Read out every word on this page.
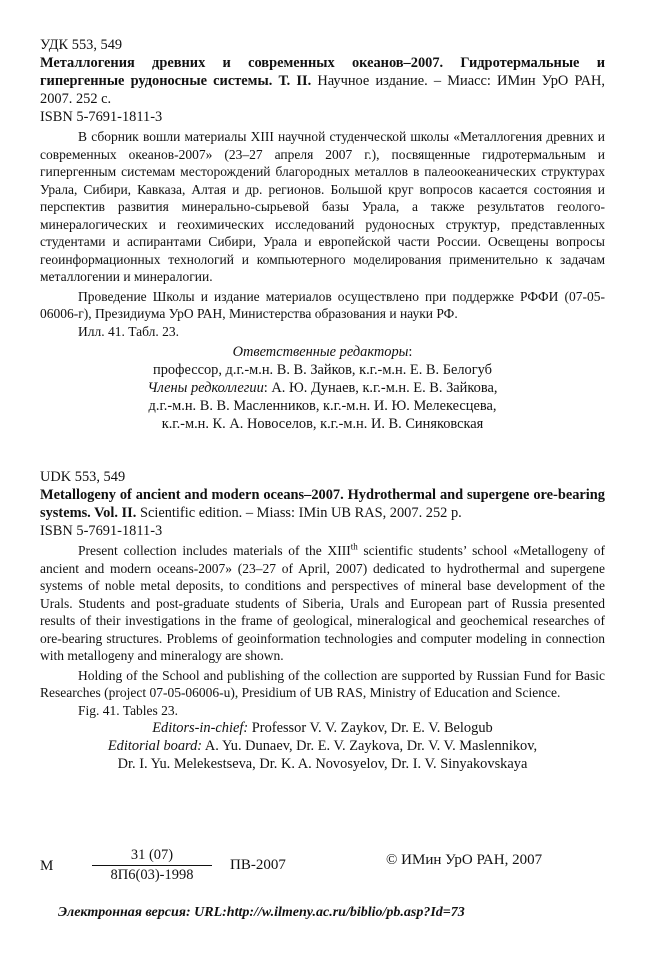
УДК 553, 549

Металлогения древних и современных океанов–2007. Гидротермальные и гипергенные рудоносные системы. Т. II. Научное издание. – Миасс: ИМин УрО РАН, 2007. 252 с.

ISBN 5-7691-1811-3

В сборник вошли материалы XIII научной студенческой школы «Металлогения древних и современных океанов-2007» (23–27 апреля 2007 г.), посвященные гидротермальным и гипергенным системам месторождений благородных металлов в палеоокеанических структурах Урала, Сибири, Кавказа, Алтая и др. регионов. Большой круг вопросов касается состояния и перспектив развития минерально-сырьевой базы Урала, а также результатов геолого-минералогических и геохимических исследований рудоносных структур, представленных студентами и аспирантами Сибири, Урала и европейской части России. Освещены вопросы геоинформационных технологий и компьютерного моделирования применительно к задачам металлогении и минералогии.

Проведение Школы и издание материалов осуществлено при поддержке РФФИ (07-05-06006-г), Президиума УрО РАН, Министерства образования и науки РФ.

Илл. 41. Табл. 23.

Ответственные редакторы:

профессор, д.г.-м.н. В. В. Зайков, к.г.-м.н. Е. В. Белогуб

Члены редколлегии: А. Ю. Дунаев, к.г.-м.н. Е. В. Зайкова,

д.г.-м.н. В. В. Масленников, к.г.-м.н. И. Ю. Мелекесцева,

к.г.-м.н. К. А. Новоселов, к.г.-м.н. И. В. Синяковская

UDK 553, 549

Metallogeny of ancient and modern oceans–2007. Hydrothermal and supergene ore-bearing systems. Vol. II. Scientific edition. – Miass: IMin UB RAS, 2007. 252 p.

ISBN 5-7691-1811-3

Present collection includes materials of the XIIIth scientific students’ school «Metallogeny of ancient and modern oceans-2007» (23–27 of April, 2007) dedicated to hydrothermal and supergene systems of noble metal deposits, to conditions and perspectives of mineral base development of the Urals. Students and post-graduate students of Siberia, Urals and European part of Russia presented results of their investigations in the frame of geological, mineralogical and geochemical researches of ore-bearing structures. Problems of geoinformation technologies and computer modeling in connection with metallogeny and mineralogy are shown.

Holding of the School and publishing of the collection are supported by Russian Fund for Basic Researches (project 07-05-06006-u), Presidium of UB RAS, Ministry of Education and Science.

Fig. 41. Tables 23.

Editors-in-chief: Professor V. V. Zaykov, Dr. E. V. Belogub

Editorial board: A. Yu. Dunaev, Dr. E. V. Zaykova, Dr. V. V. Maslennikov,

Dr. I. Yu. Melekestseva, Dr. K. A. Novosyelov, Dr. I. V. Sinyakovskaya

М
31 (07)
8П6(03)-1998
ПВ-2007	© ИМин УрО РАН, 2007

Электронная версия: URL:http://w.ilmeny.ac.ru/biblio/pb.asp?Id=73
